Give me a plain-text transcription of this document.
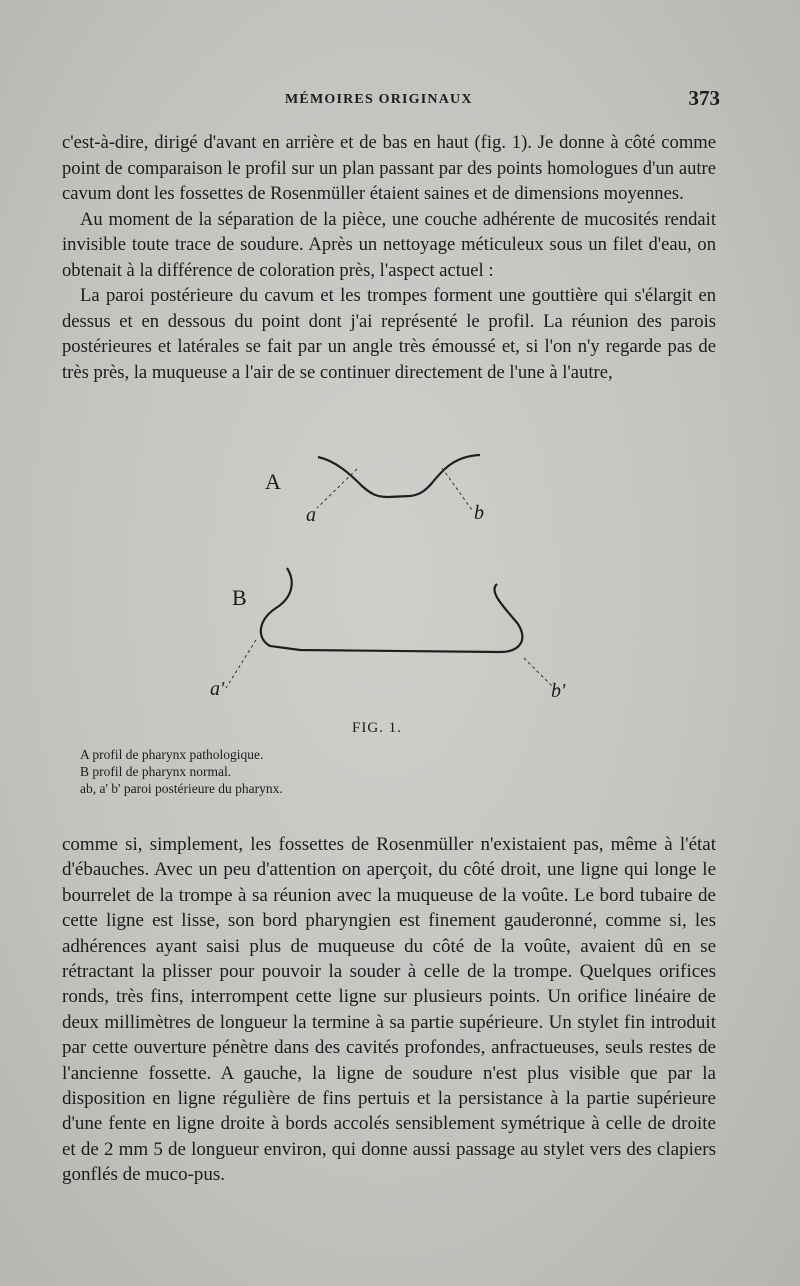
MÉMOIRES ORIGINAUX	373

c'est-à-dire, dirigé d'avant en arrière et de bas en haut (fig. 1). Je donne à côté comme point de comparaison le profil sur un plan passant par des points homologues d'un autre cavum dont les fossettes de Rosenmüller étaient saines et de dimensions moyennes.

Au moment de la séparation de la pièce, une couche adhérente de mucosités rendait invisible toute trace de soudure. Après un nettoyage méticuleux sous un filet d'eau, on obtenait à la différence de coloration près, l'aspect actuel :

La paroi postérieure du cavum et les trompes forment une gouttière qui s'élargit en dessus et en dessous du point dont j'ai représenté le profil. La réunion des parois postérieures et latérales se fait par un angle très émoussé et, si l'on n'y regarde pas de très près, la muqueuse a l'air de se continuer directement de l'une à l'autre,

A
a	b
B
a'	b'
FIG. 1.
A profil de pharynx pathologique.
B profil de pharynx normal.
ab, a' b' paroi postérieure du pharynx.

comme si, simplement, les fossettes de Rosenmüller n'existaient pas, même à l'état d'ébauches. Avec un peu d'attention on aperçoit, du côté droit, une ligne qui longe le bourrelet de la trompe à sa réunion avec la muqueuse de la voûte. Le bord tubaire de cette ligne est lisse, son bord pharyngien est finement gauderonné, comme si, les adhérences ayant saisi plus de muqueuse du côté de la voûte, avaient dû en se rétractant la plisser pour pouvoir la souder à celle de la trompe. Quelques orifices ronds, très fins, interrompent cette ligne sur plusieurs points. Un orifice linéaire de deux millimètres de longueur la termine à sa partie supérieure. Un stylet fin introduit par cette ouverture pénètre dans des cavités profondes, anfractueuses, seuls restes de l'ancienne fossette. A gauche, la ligne de soudure n'est plus visible que par la disposition en ligne régulière de fins pertuis et la persistance à la partie supérieure d'une fente en ligne droite à bords accolés sensiblement symétrique à celle de droite et de 2 mm 5 de longueur environ, qui donne aussi passage au stylet vers des clapiers gonflés de muco-pus.
